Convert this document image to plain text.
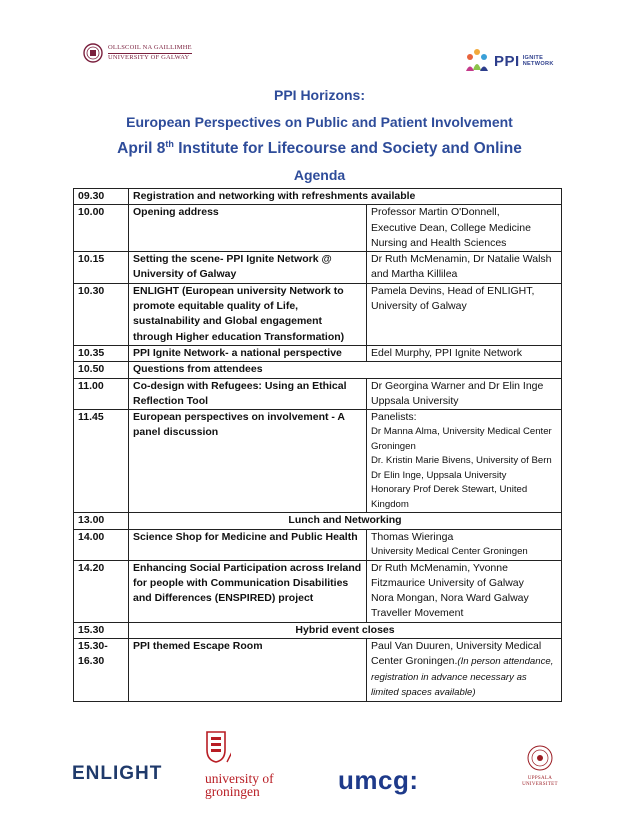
OLLSCOIL NA GAILLIMHE
UNIVERSITY OF GALWAY	PPI IGNITE
NETWORK
PPI Horizons:
European Perspectives on Public and Patient Involvement
April 8th Institute for Lifecourse and Society and Online
Agenda
09.30	Registration and networking with refreshments available	
10.00	Opening address	Professor Martin O'Donnell,
Executive Dean, College Medicine
Nursing and Health Sciences

10.15	Setting the scene- PPI Ignite Network @ University of Galway	Dr Ruth McMenamin, Dr Natalie Walsh and Martha Killilea
10.30	ENLIGHT (European university Network to promote equitable quality of Life, sustaInability and Global engagement through Higher education Transformation)	Pamela Devins, Head of ENLIGHT, University of Galway
10.35	PPI Ignite Network- a national perspective	Edel Murphy, PPI Ignite Network
10.50	Questions from attendees	
11.00	Co-design with Refugees: Using an Ethical Reflection Tool	Dr Georgina Warner and Dr Elin Inge Uppsala University
11.45	European perspectives on involvement - A panel discussion	Panelists:
Dr Manna Alma, University Medical Center Groningen
Dr. Kristin Marie Bivens, University of Bern
Dr Elin Inge, Uppsala University
Honorary Prof Derek Stewart, United Kingdom

13.00	Lunch and Networking	
14.00	Science Shop for Medicine and Public Health	Thomas Wieringa
University Medical Center Groningen

14.20	Enhancing Social Participation across Ireland for people with Communication Disabilities and Differences (ENSPIRED) project	Dr Ruth McMenamin, Yvonne Fitzmaurice University of Galway
Nora Mongan, Nora Ward Galway Traveller Movement

15.30	Hybrid event closes	

15.30-
16.30	PPI themed Escape Room	Paul Van Duuren, University Medical Center Groningen.(In person attendance, registration in advance necessary as limited spaces available)
ENLIGHT	university of
groningen	umcg:	UPPSALA
UNIVERSITET
